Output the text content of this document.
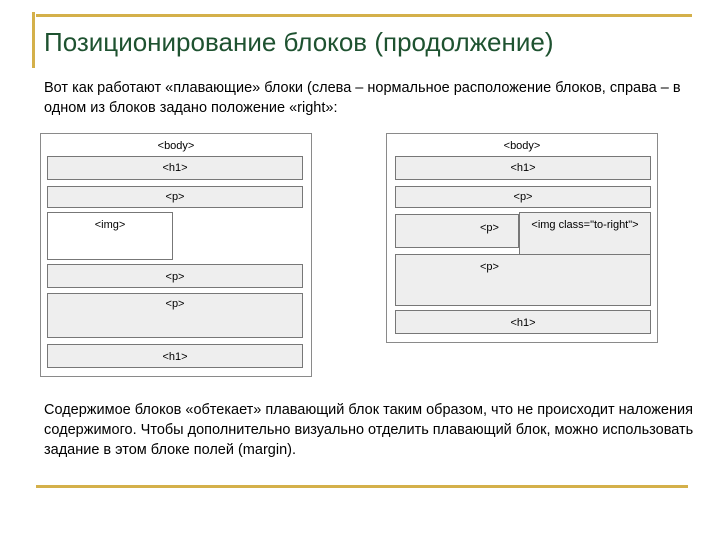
Позиционирование блоков (продолжение)
Вот как работают «плавающие» блоки (слева – нормальное расположение блоков, справа – в одном из блоков задано положение «right»:
<body>
<h1>
<p>
<img>
<p>
<p>
<h1>
<body>
<h1>
<p>
<p>	<img class="to-right">
<p>
<h1>
Содержимое блоков «обтекает» плавающий блок таким образом, что не происходит наложения содержимого. Чтобы дополнительно визуально отделить плавающий блок, можно использовать задание в этом блоке полей (margin).
